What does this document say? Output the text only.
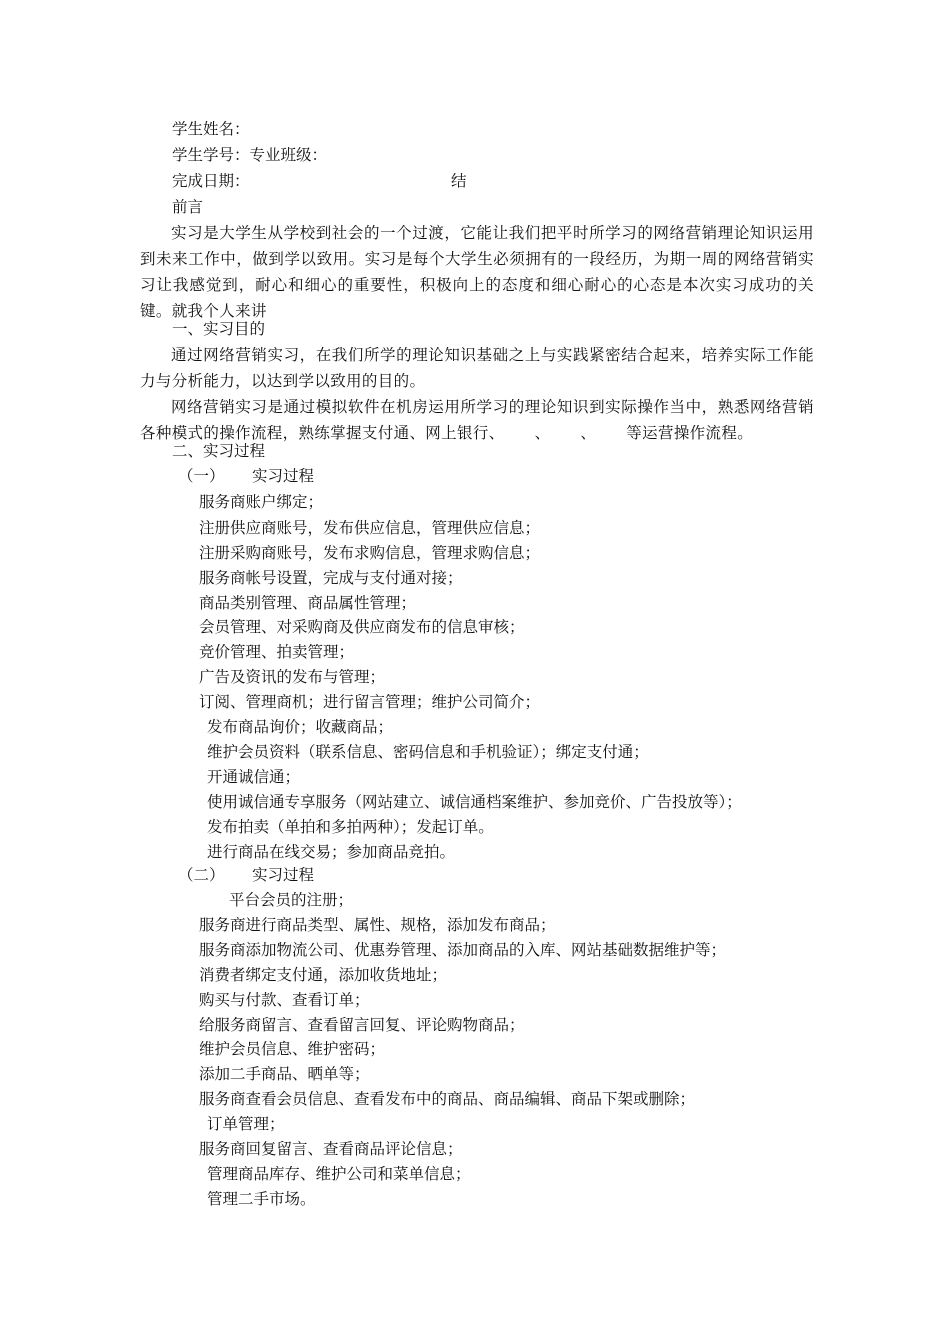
学生姓名：
学生学号：专业班级：
完成日期：	结
前言

实习是大学生从学校到社会的一个过渡，它能让我们把平时所学习的网络营销理论知识运用到未来工作中，做到学以致用。实习是每个大学生必须拥有的一段经历，为期一周的网络营销实习让我感觉到，耐心和细心的重要性，积极向上的态度和细心耐心的心态是本次实习成功的关键。就我个人来讲

一、实习目的

通过网络营销实习，在我们所学的理论知识基础之上与实践紧密结合起来，培养实际工作能力与分析能力，以达到学以致用的目的。

网络营销实习是通过模拟软件在机房运用所学习的理论知识到实际操作当中，熟悉网络营销各种模式的操作流程，熟练掌握支付通、网上银行、 、 、 等运营操作流程。

二、实习过程
（一） 实习过程
服务商账户绑定；
注册供应商账号，发布供应信息，管理供应信息；
注册采购商账号，发布求购信息，管理求购信息；
服务商帐号设置，完成与支付通对接；
商品类别管理、商品属性管理；
会员管理、对采购商及供应商发布的信息审核；
竞价管理、拍卖管理；
广告及资讯的发布与管理；
订阅、管理商机；进行留言管理；维护公司简介；
发布商品询价；收藏商品；
维护会员资料（联系信息、密码信息和手机验证）；绑定支付通；
开通诚信通；
使用诚信通专享服务（网站建立、诚信通档案维护、参加竞价、广告投放等）；
发布拍卖（单拍和多拍两种）；发起订单。
进行商品在线交易；参加商品竞拍。
（二） 实习过程
平台会员的注册；
服务商进行商品类型、属性、规格，添加发布商品；
服务商添加物流公司、优惠券管理、添加商品的入库、网站基础数据维护等；
消费者绑定支付通，添加收货地址；
购买与付款、查看订单；
给服务商留言、查看留言回复、评论购物商品；
维护会员信息、维护密码；
添加二手商品、晒单等；
服务商查看会员信息、查看发布中的商品、商品编辑、商品下架或删除；
订单管理；
服务商回复留言、查看商品评论信息；
管理商品库存、维护公司和菜单信息；
管理二手市场。
